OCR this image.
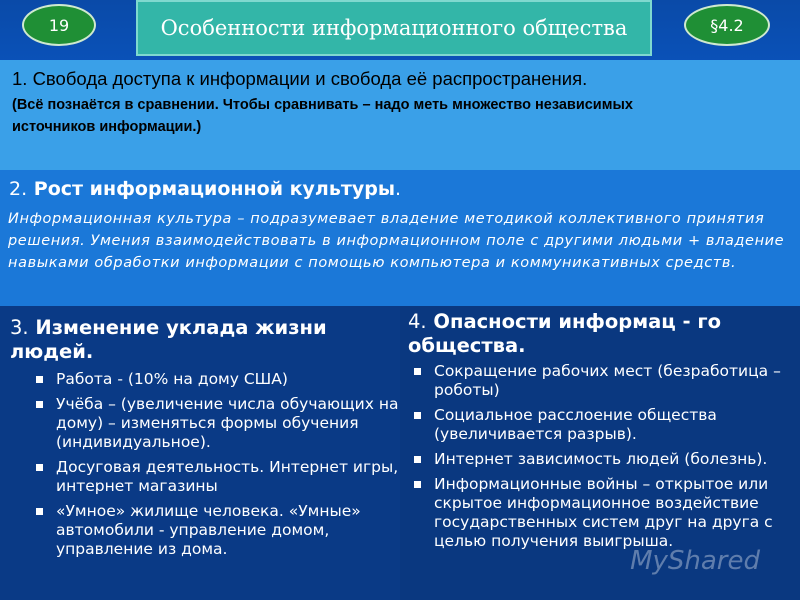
19	Особенности информационного общества	§4.2
1. Свобода доступа к информации и свобода её распространения.
(Всё познаётся в сравнении. Чтобы сравнивать – надо меть множество независимых источников информации.)
2. Рост информационной культуры.
Информационная культура – подразумевает владение методикой коллективного принятия решения. Умения взаимодействовать в информационном поле с другими людьми + владение навыками обработки информации с помощью компьютера и коммуникативных средств.
3. Изменение уклада жизни людей.
Работа - (10% на дому США)
Учёба – (увеличение числа обучающих на дому) – изменяться формы обучения (индивидуальное).
Досуговая деятельность. Интернет игры, интернет магазины
«Умное» жилище человека. «Умные» автомобили - управление домом, управление из дома.
4. Опасности информац - го общества.
Сокращение рабочих мест (безработица – роботы)
Социальное расслоение общества (увеличивается разрыв).
Интернет зависимость людей (болезнь).
Информационные войны – открытое или скрытое информационное воздействие государственных систем друг на друга с целью получения выигрыша.
MyShared
